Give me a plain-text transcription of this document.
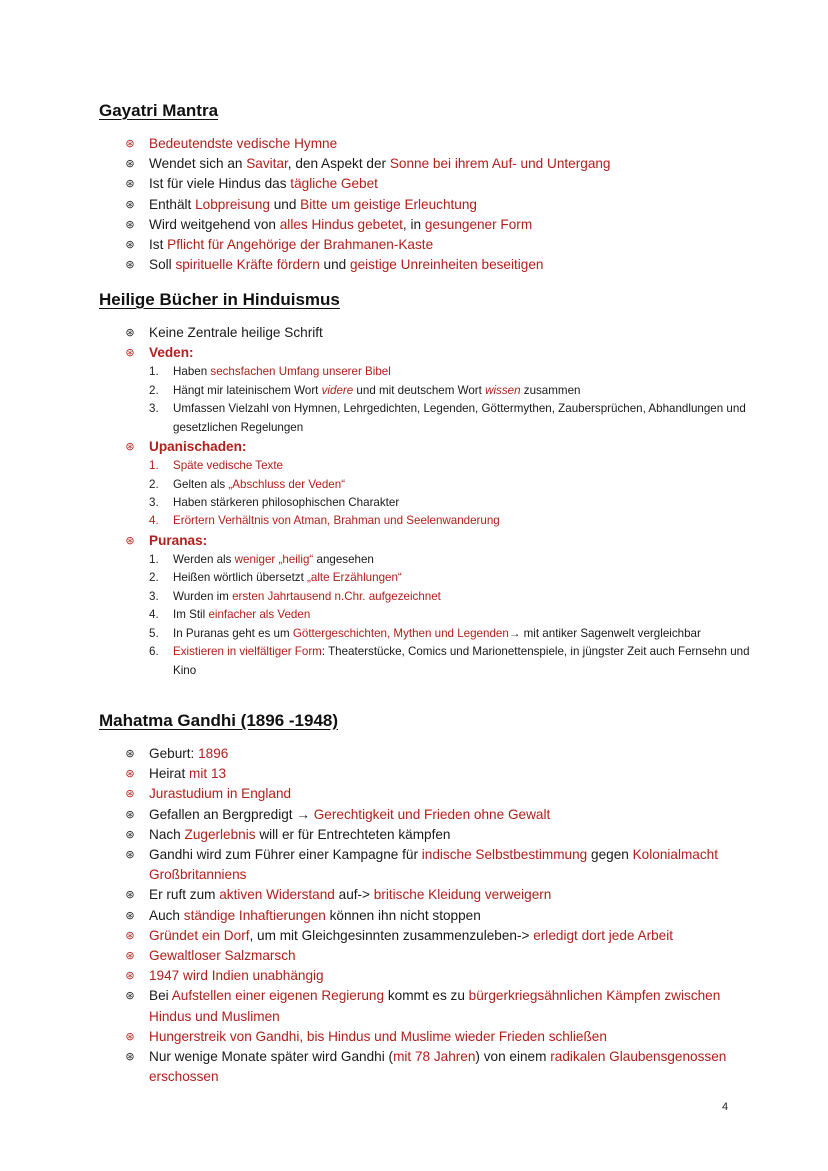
Gayatri Mantra
⊛ Bedeutendste vedische Hymne
⊛ Wendet sich an Savitar, den Aspekt der Sonne bei ihrem Auf- und Untergang
⊛ Ist für viele Hindus das tägliche Gebet
⊛ Enthält Lobpreisung und Bitte um geistige Erleuchtung
⊛ Wird weitgehend von alles Hindus gebetet, in gesungener Form
⊛ Ist Pflicht für Angehörige der Brahmanen-Kaste
⊛ Soll spirituelle Kräfte fördern und geistige Unreinheiten beseitigen
Heilige Bücher in Hinduismus
⊛ Keine Zentrale heilige Schrift
⊛ Veden:
1.	Haben sechsfachen Umfang unserer Bibel
2.	Hängt mir lateinischem Wort videre und mit deutschem Wort wissen zusammen
3.	Umfassen Vielzahl von Hymnen, Lehrgedichten, Legenden, Göttermythen, Zaubersprüchen, Abhandlungen und gesetzlichen Regelungen
⊛ Upanischaden:
1.	Späte vedische Texte
2.	Gelten als „Abschluss der Veden“
3.	Haben stärkeren philosophischen Charakter
4.	Erörtern Verhältnis von Atman, Brahman und Seelenwanderung
⊛ Puranas:
1.	Werden als weniger „heilig“ angesehen
2.	Heißen wörtlich übersetzt „alte Erzählungen“
3.	Wurden im ersten Jahrtausend n.Chr. aufgezeichnet
4.	Im Stil einfacher als Veden
5.	In Puranas geht es um Göttergeschichten, Mythen und Legenden→ mit antiker Sagenwelt vergleichbar
6.	Existieren in vielfältiger Form: Theaterstücke, Comics und Marionettenspiele, in jüngster Zeit auch Fernsehn und Kino
Mahatma Gandhi (1896 -1948)
⊛ Geburt: 1896
⊛ Heirat mit 13
⊛ Jurastudium in England
⊛ Gefallen an Bergpredigt → Gerechtigkeit und Frieden ohne Gewalt
⊛ Nach Zugerlebnis will er für Entrechteten kämpfen
⊛ Gandhi wird zum Führer einer Kampagne für indische Selbstbestimmung gegen Kolonialmacht Großbritanniens
⊛ Er ruft zum aktiven Widerstand auf-> britische Kleidung verweigern
⊛ Auch ständige Inhaftierungen können ihn nicht stoppen
⊛ Gründet ein Dorf, um mit Gleichgesinnten zusammenzuleben-> erledigt dort jede Arbeit
⊛ Gewaltloser Salzmarsch
⊛ 1947 wird Indien unabhängig
⊛ Bei Aufstellen einer eigenen Regierung kommt es zu bürgerkriegsähnlichen Kämpfen zwischen Hindus und Muslimen
⊛ Hungerstreik von Gandhi, bis Hindus und Muslime wieder Frieden schließen
⊛ Nur wenige Monate später wird Gandhi (mit 78 Jahren) von einem radikalen Glaubensgenossen erschossen
4
